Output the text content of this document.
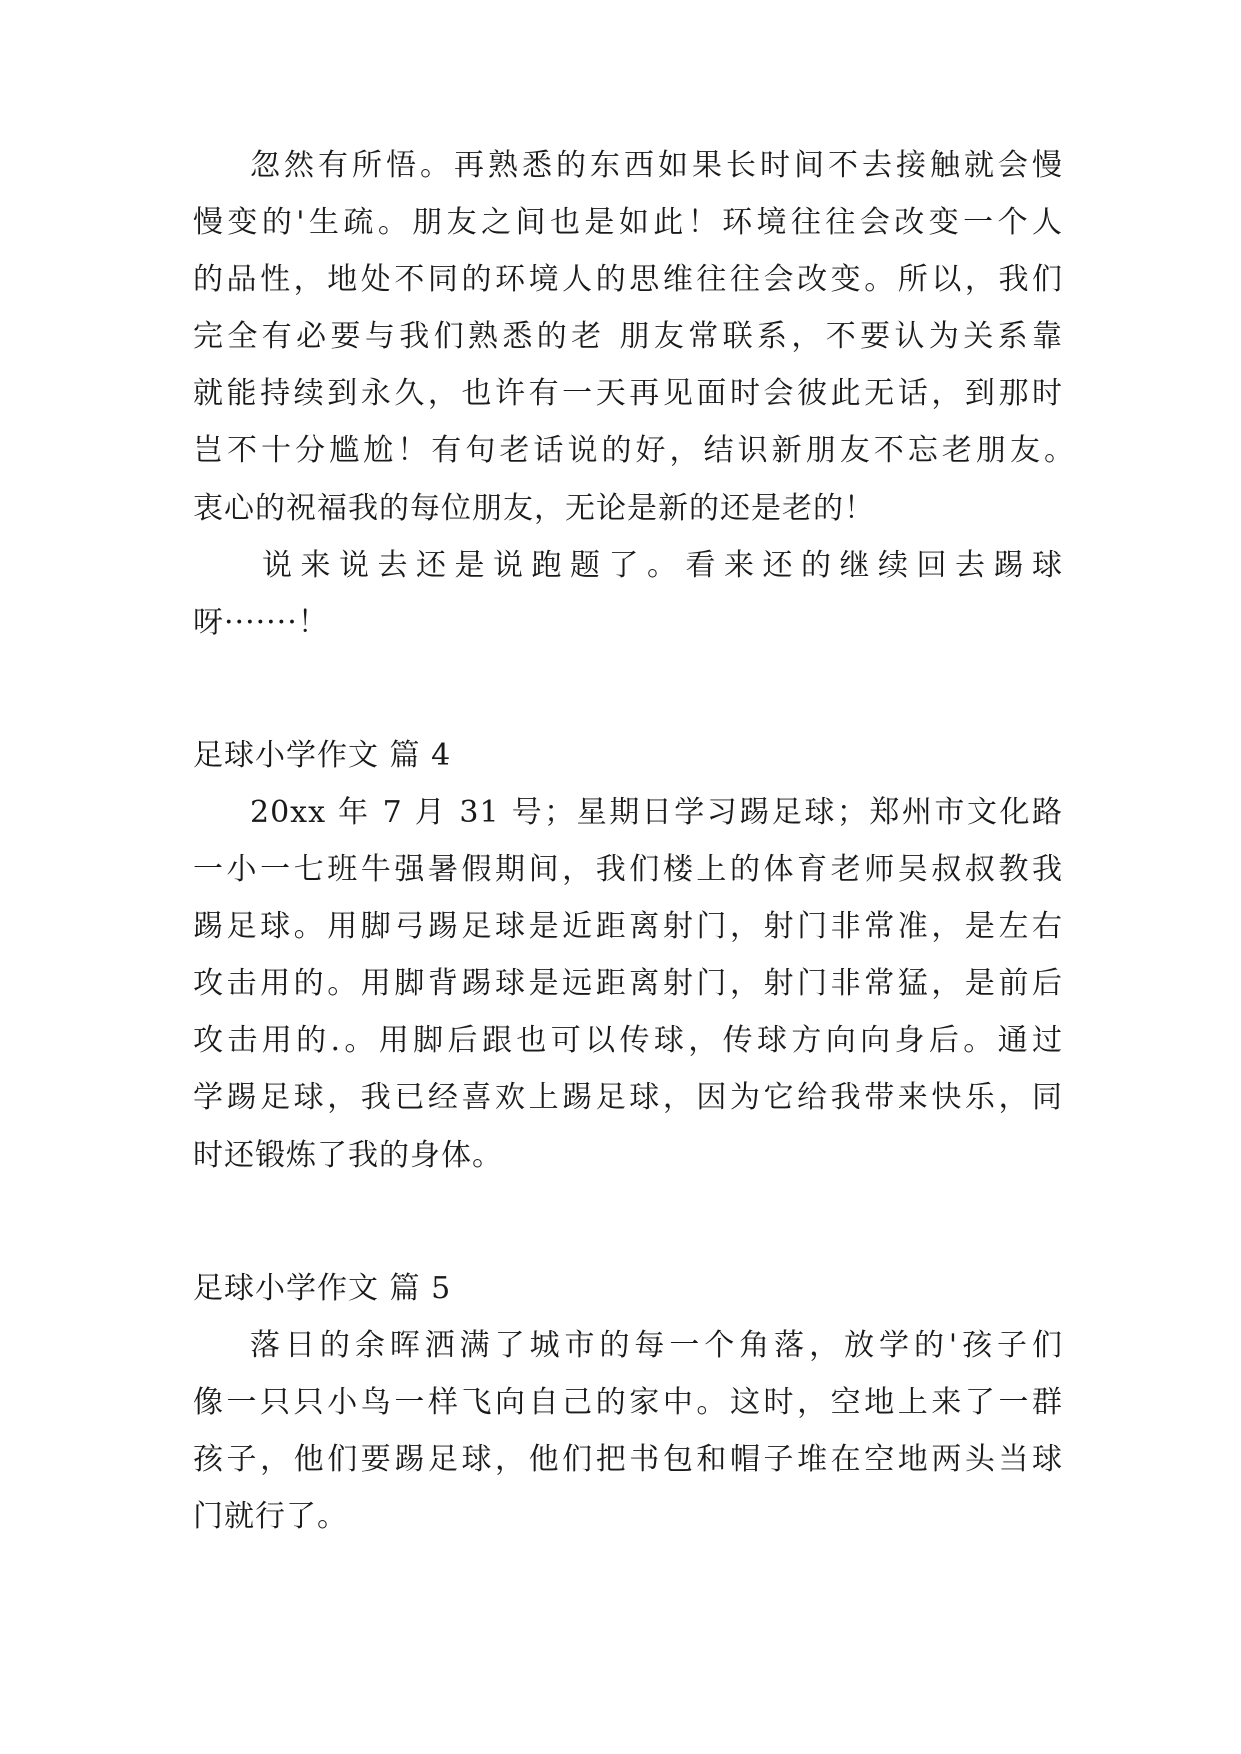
忽然有所悟。再熟悉的东西如果长时间不去接触就会慢
慢变的'生疏。朋友之间也是如此！环境往往会改变一个人
的品性，地处不同的环境人的思维往往会改变。所以，我们
完全有必要与我们熟悉的老 朋友常联系，不要认为关系靠
就能持续到永久，也许有一天再见面时会彼此无话，到那时
岂不十分尴尬！有句老话说的好，结识新朋友不忘老朋友。
衷心的祝福我的每位朋友，无论是新的还是老的！
说来说去还是说跑题了。看来还的继续回去踢球
呀·······！
足球小学作文 篇 4
20xx 年 7 月 31 号；星期日学习踢足球；郑州市文化路
一小一七班牛强暑假期间，我们楼上的体育老师吴叔叔教我
踢足球。用脚弓踢足球是近距离射门，射门非常准，是左右
攻击用的。用脚背踢球是远距离射门，射门非常猛，是前后
攻击用的.。用脚后跟也可以传球，传球方向向身后。通过
学踢足球，我已经喜欢上踢足球，因为它给我带来快乐，同
时还锻炼了我的身体。
足球小学作文 篇 5
落日的余晖洒满了城市的每一个角落，放学的'孩子们
像一只只小鸟一样飞向自己的家中。这时，空地上来了一群
孩子，他们要踢足球，他们把书包和帽子堆在空地两头当球
门就行了。
